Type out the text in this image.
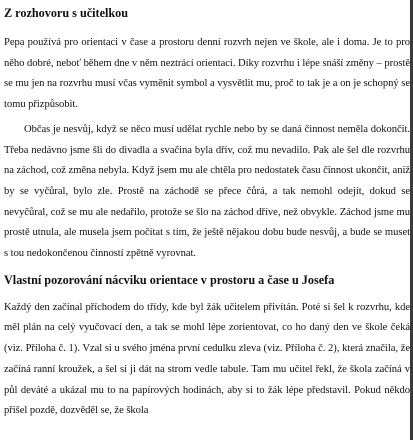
Z rozhovoru s učitelkou

Pepa používá pro orientaci v čase a prostoru denní rozvrh nejen ve škole, ale i doma. Je to pro něho dobré, neboť během dne v něm neztrácí orientaci. Díky rozvrhu i lépe snáší změny – prostě se mu jen na rozvrhu musí včas vyměnit symbol a vysvětlit mu, proč to tak je a on je schopný se tomu přizpůsobit.

Občas je nesvůj, když se něco musí udělat rychle nebo by se daná činnost neměla dokončit. Třeba nedávno jsme šli do divadla a svačina byla dřív, což mu nevadilo. Pak ale šel dle rozvrhu na záchod, což změna nebyla. Když jsem mu ale chtěla pro nedostatek času činnost ukončit, aniž by se vyčůral, bylo zle. Prostě na záchodě se přece čůrá, a tak nemohl odejít, dokud se nevyčůral, což se mu ale nedařilo, protože se šlo na záchod dříve, než obvykle. Záchod jsme mu prostě utnula, ale musela jsem počítat s tím, že ještě nějakou dobu bude nesvůj, a bude se muset s tou nedokončenou činností zpětně vyrovnat.

Vlastní pozorování nácviku orientace v prostoru a čase u Josefa

Každý den začínal příchodem do třídy, kde byl žák učitelem přivítán. Poté si šel k rozvrhu, kde měl plán na celý vyučovací den, a tak se mohl lépe zorientovat, co ho daný den ve škole čeká (viz. Příloha č. 1). Vzal si u svého jména první cedulku zleva (viz. Příloha č. 2), která značila, že začíná ranní kroužek, a šel si ji dát na strom vedle tabule. Tam mu učitel řekl, že škola začíná v půl deváté a ukázal mu to na papírových hodinách, aby si to žák lépe představil. Pokud někdo přišel pozdě, dozvěděl se, že škola
